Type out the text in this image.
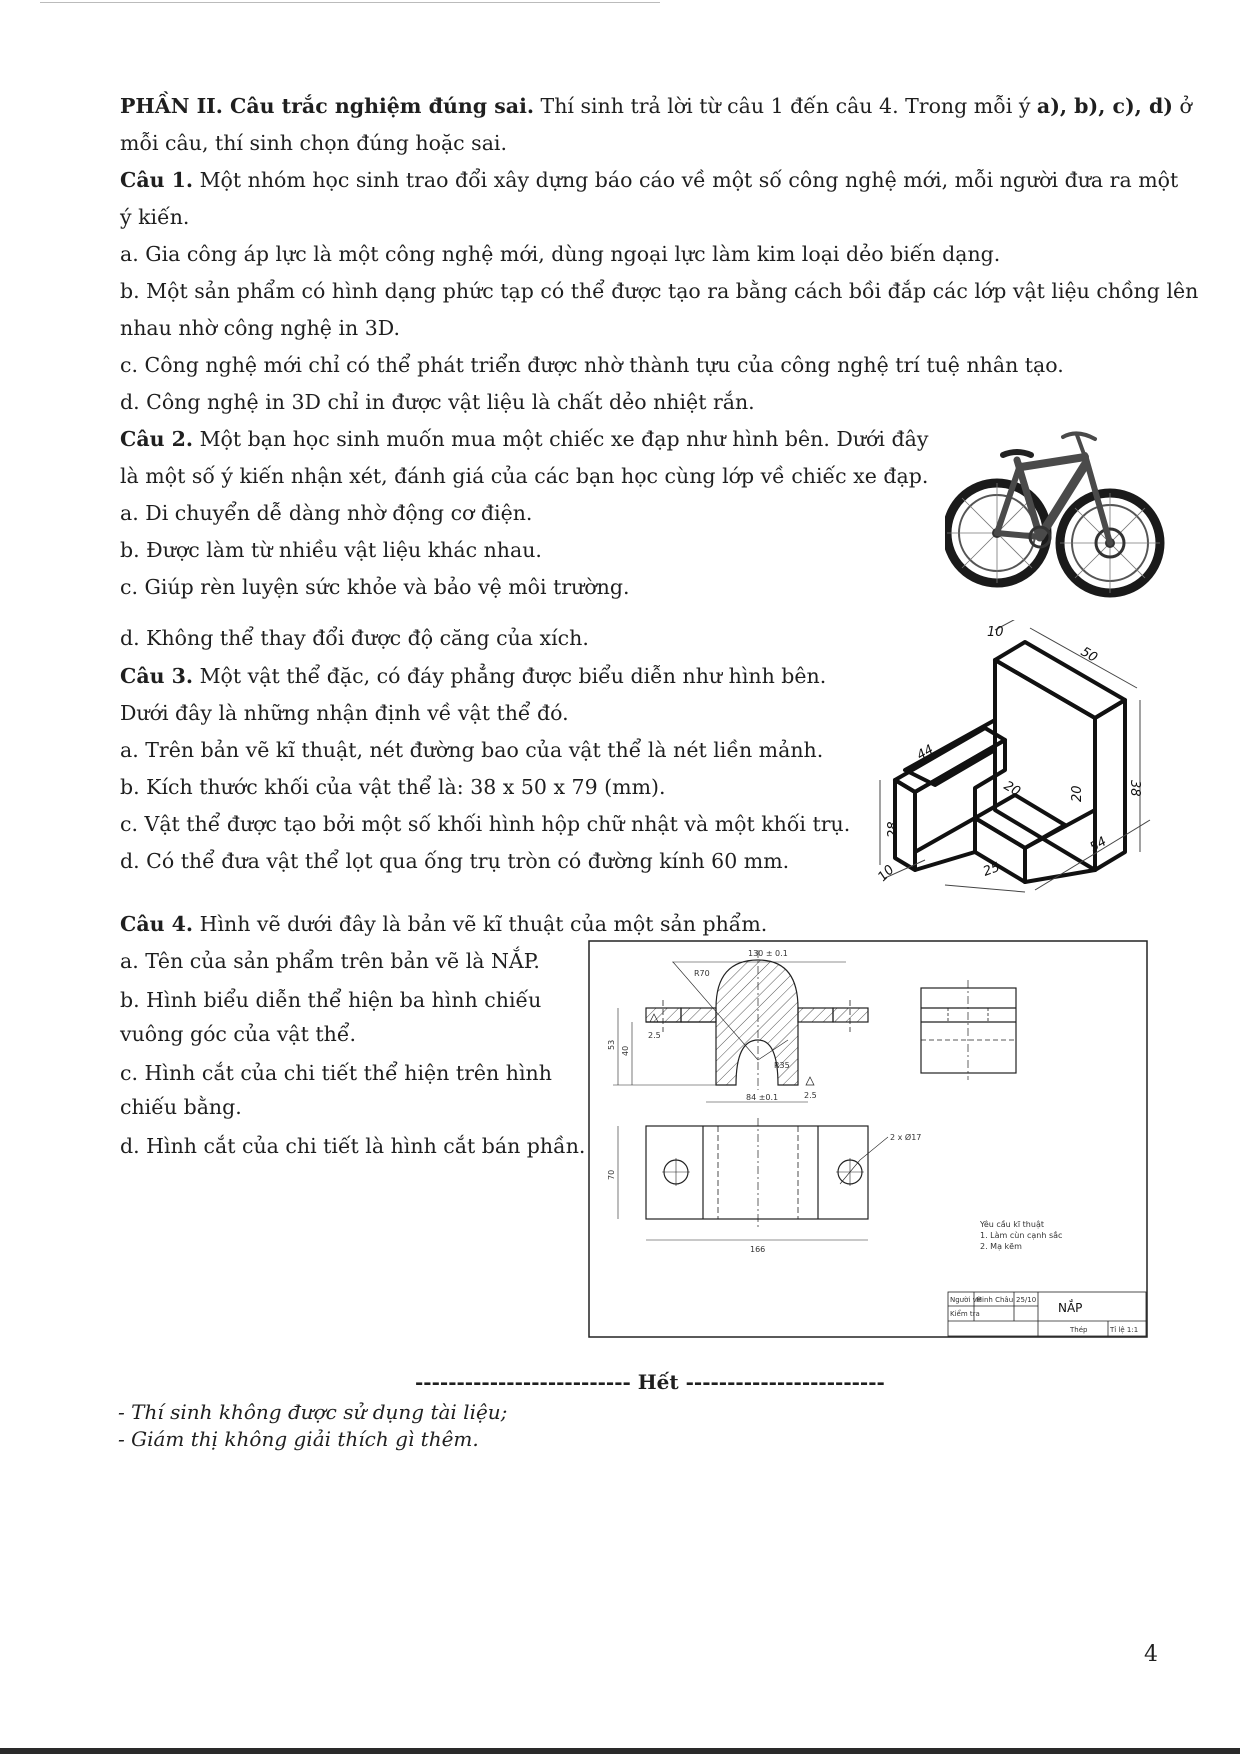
PHẦN II. Câu trắc nghiệm đúng sai. Thí sinh trả lời từ câu 1 đến câu 4. Trong mỗi ý a), b), c), d) ở
mỗi câu, thí sinh chọn đúng hoặc sai.
Câu 1. Một nhóm học sinh trao đổi xây dựng báo cáo về một số công nghệ mới, mỗi người đưa ra một
ý kiến.
a. Gia công áp lực là một công nghệ mới, dùng ngoại lực làm kim loại dẻo biến dạng.
b. Một sản phẩm có hình dạng phức tạp có thể được tạo ra bằng cách bồi đắp các lớp vật liệu chồng lên
nhau nhờ công nghệ in 3D.
c. Công nghệ mới chỉ có thể phát triển được nhờ thành tựu của công nghệ trí tuệ nhân tạo.
d. Công nghệ in 3D chỉ in được vật liệu là chất dẻo nhiệt rắn.
Câu 2. Một bạn học sinh muốn mua một chiếc xe đạp như hình bên. Dưới đây
là một số ý kiến nhận xét, đánh giá của các bạn học cùng lớp về chiếc xe đạp.
a. Di chuyển dễ dàng nhờ động cơ điện.
b. Được làm từ nhiều vật liệu khác nhau.
c. Giúp rèn luyện sức khỏe và bảo vệ môi trường.
d. Không thể thay đổi được độ căng của xích.
Câu 3. Một vật thể đặc, có đáy phẳng được biểu diễn như hình bên.
Dưới đây là những nhận định về vật thể đó.
a. Trên bản vẽ kĩ thuật, nét đường bao của vật thể là nét liền mảnh.
b. Kích thước khối của vật thể là: 38 x 50 x 79 (mm).
c. Vật thể được tạo bởi một số khối hình hộp chữ nhật và một khối trụ.
d. Có thể đưa vật thể lọt qua ống trụ tròn có đường kính 60 mm.
10
50
38
44
20	20
28
54
25
10
Câu 4. Hình vẽ dưới đây là bản vẽ kĩ thuật của một sản phẩm.
a. Tên của sản phẩm trên bản vẽ là NẮP.
b. Hình biểu diễn thể hiện ba hình chiếu
vuông góc của vật thể.
c. Hình cắt của chi tiết thể hiện trên hình
chiếu bằng.
d. Hình cắt của chi tiết là hình cắt bán phần.
130 ± 0.1
R70
R35
53
40
2.5
2.5
84 ±0.1
2 x Ø17
70
166
Yêu cầu kĩ thuật
1. Làm cùn cạnh sắc
2. Mạ kẽm
Người vẽ
Minh Châu 25/10
Kiểm tra	NẮP
Thép	Tỉ lệ 1:1
-------------------------- Hết ------------------------
- Thí sinh không được sử dụng tài liệu;
- Giám thị không giải thích gì thêm.
4
